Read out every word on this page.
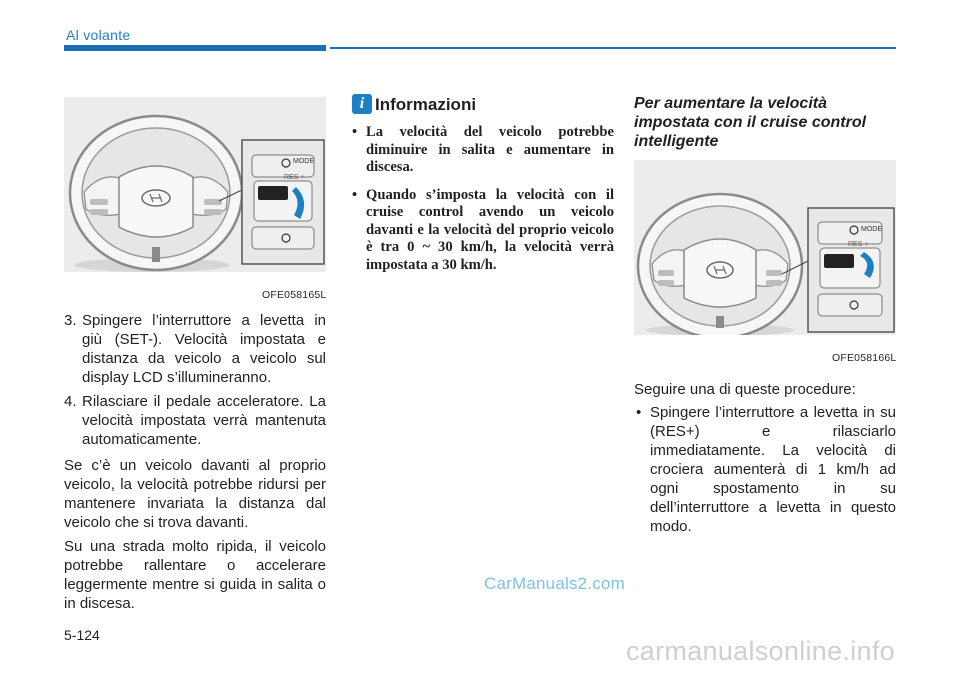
Al volante
MODE
RES +
OFE058165L
3. Spingere l’interruttore a levetta in giù (SET-). Velocità impostata e distanza da veicolo a veicolo sul display LCD s’illumineranno.
4. Rilasciare il pedale acceleratore. La velocità impostata verrà mantenuta automaticamente.

Se c’è un veicolo davanti al proprio veicolo, la velocità potrebbe ridursi per mantenere invariata la distanza dal veicolo che si trova davanti.

Su una strada molto ripida, il veicolo potrebbe rallentare o accelerare leggermente mentre si guida in salita o in discesa.

i Informazioni
• La velocità del veicolo potrebbe diminuire in salita e aumentare in discesa.
• Quando s’imposta la velocità con il cruise control avendo un veicolo davanti e la velocità del proprio veicolo è tra 0 ~ 30 km/h, la velocità verrà impostata a 30 km/h.
Per aumentare la velocità impostata con il cruise control intelligente
MODE
RES +
OFE058166L

Seguire una di queste procedure:

• Spingere l’interruttore a levetta in su (RES+) e rilasciarlo immediatamente. La velocità di crociera aumenterà di 1 km/h ad ogni spostamento in su dell’interruttore a levetta in questo modo.
CarManuals2.com
5-124
carmanualsonline.info
